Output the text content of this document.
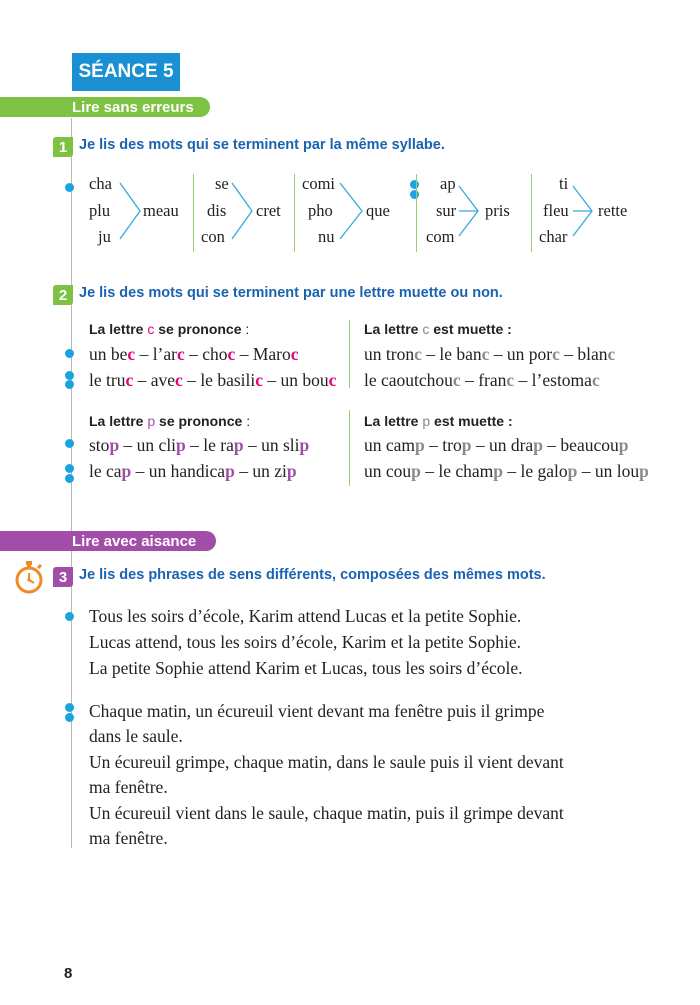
SÉANCE 5
Lire sans erreurs
1 Je lis des mots qui se terminent par la même syllabe.
cha
plu
ju
meau
se
dis
con
cret
comi
pho
nu
que
ap
sur
com
pris
ti
fleu
char
rette
2 Je lis des mots qui se terminent par une lettre muette ou non.
La lettre c se prononce :	La lettre c est muette :
un bec – l’arc – choc – Maroc
le truc – avec – le basilic – un bouc
un tronc – le banc – un porc – blanc
le caoutchouc – franc – l’estomac
La lettre p se prononce :	La lettre p est muette :
stop – un clip – le rap – un slip
le cap – un handicap – un zip
un camp – trop – un drap – beaucoup
un coup – le champ – le galop – un loup
Lire avec aisance
3 Je lis des phrases de sens différents, composées des mêmes mots.
Tous les soirs d’école, Karim attend Lucas et la petite Sophie.
Lucas attend, tous les soirs d’école, Karim et la petite Sophie.
La petite Sophie attend Karim et Lucas, tous les soirs d’école.
Chaque matin, un écureuil vient devant ma fenêtre puis il grimpe
dans le saule.
Un écureuil grimpe, chaque matin, dans le saule puis il vient devant
ma fenêtre.
Un écureuil vient dans le saule, chaque matin, puis il grimpe devant
ma fenêtre.
8
